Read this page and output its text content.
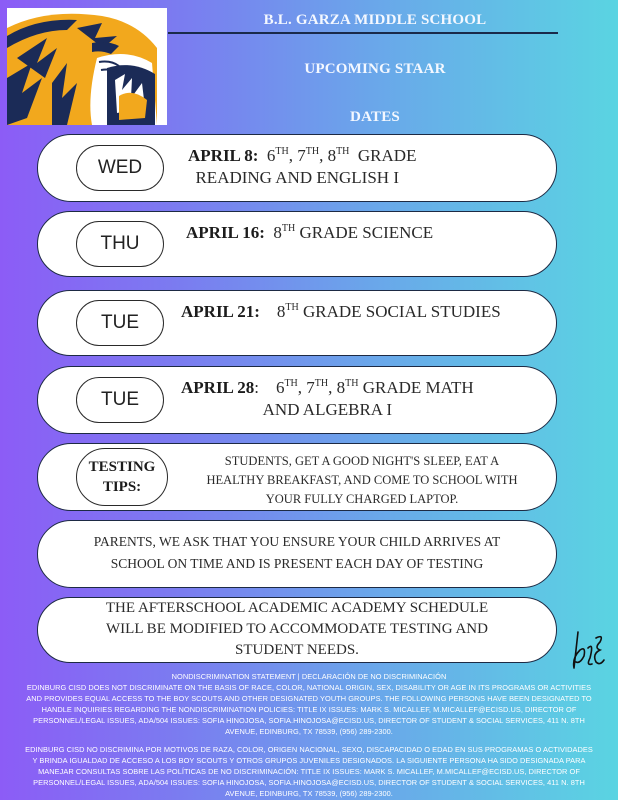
B.L. GARZA MIDDLE SCHOOL
UPCOMING STAAR
DATES
WED
APRIL 8: 6TH, 7TH, 8TH GRADE
READING AND ENGLISH I
THU
APRIL 16: 8TH GRADE SCIENCE
TUE
APRIL 21: 8TH GRADE SOCIAL STUDIES
TUE
APRIL 28: 6TH, 7TH, 8TH GRADE MATH
AND ALGEBRA I
TESTING
TIPS:
STUDENTS, GET A GOOD NIGHT'S SLEEP, EAT A
HEALTHY BREAKFAST, AND COME TO SCHOOL WITH
YOUR FULLY CHARGED LAPTOP.
PARENTS, WE ASK THAT YOU ENSURE YOUR CHILD ARRIVES AT
SCHOOL ON TIME AND IS PRESENT EACH DAY OF TESTING
THE AFTERSCHOOL ACADEMIC ACADEMY SCHEDULE
WILL BE MODIFIED TO ACCOMMODATE TESTING AND
STUDENT NEEDS.
NONDISCRIMINATION STATEMENT | DECLARACIÓN DE NO DISCRIMINACIÓN
EDINBURG CISD DOES NOT DISCRIMINATE ON THE BASIS OF RACE, COLOR, NATIONAL ORIGIN, SEX, DISABILITY OR AGE IN ITS PROGRAMS OR ACTIVITIES
AND PROVIDES EQUAL ACCESS TO THE BOY SCOUTS AND OTHER DESIGNATED YOUTH GROUPS. THE FOLLOWING PERSONS HAVE BEEN DESIGNATED TO
HANDLE INQUIRIES REGARDING THE NONDISCRIMINATION POLICIES: TITLE IX ISSUES: MARK S. MICALLEF, M.MICALLEF@ECISD.US, DIRECTOR OF
PERSONNEL/LEGAL ISSUES, ADA/504 ISSUES: SOFIA HINOJOSA, SOFIA.HINOJOSA@ECISD.US, DIRECTOR OF STUDENT & SOCIAL SERVICES, 411 N. 8TH
AVENUE, EDINBURG, TX 78539, (956) 289-2300.
EDINBURG CISD NO DISCRIMINA POR MOTIVOS DE RAZA, COLOR, ORIGEN NACIONAL, SEXO, DISCAPACIDAD O EDAD EN SUS PROGRAMAS O ACTIVIDADES
Y BRINDA IGUALDAD DE ACCESO A LOS BOY SCOUTS Y OTROS GRUPOS JUVENILES DESIGNADOS. LA SIGUIENTE PERSONA HA SIDO DESIGNADA PARA
MANEJAR CONSULTAS SOBRE LAS POLÍTICAS DE NO DISCRIMINACIÓN: TITLE IX ISSUES: MARK S. MICALLEF, M.MICALLEF@ECISD.US, DIRECTOR OF
PERSONNEL/LEGAL ISSUES, ADA/504 ISSUES: SOFIA HINOJOSA, SOFIA.HINOJOSA@ECISD.US, DIRECTOR OF STUDENT & SOCIAL SERVICES, 411 N. 8TH
AVENUE, EDINBURG, TX 78539, (956) 289-2300.
